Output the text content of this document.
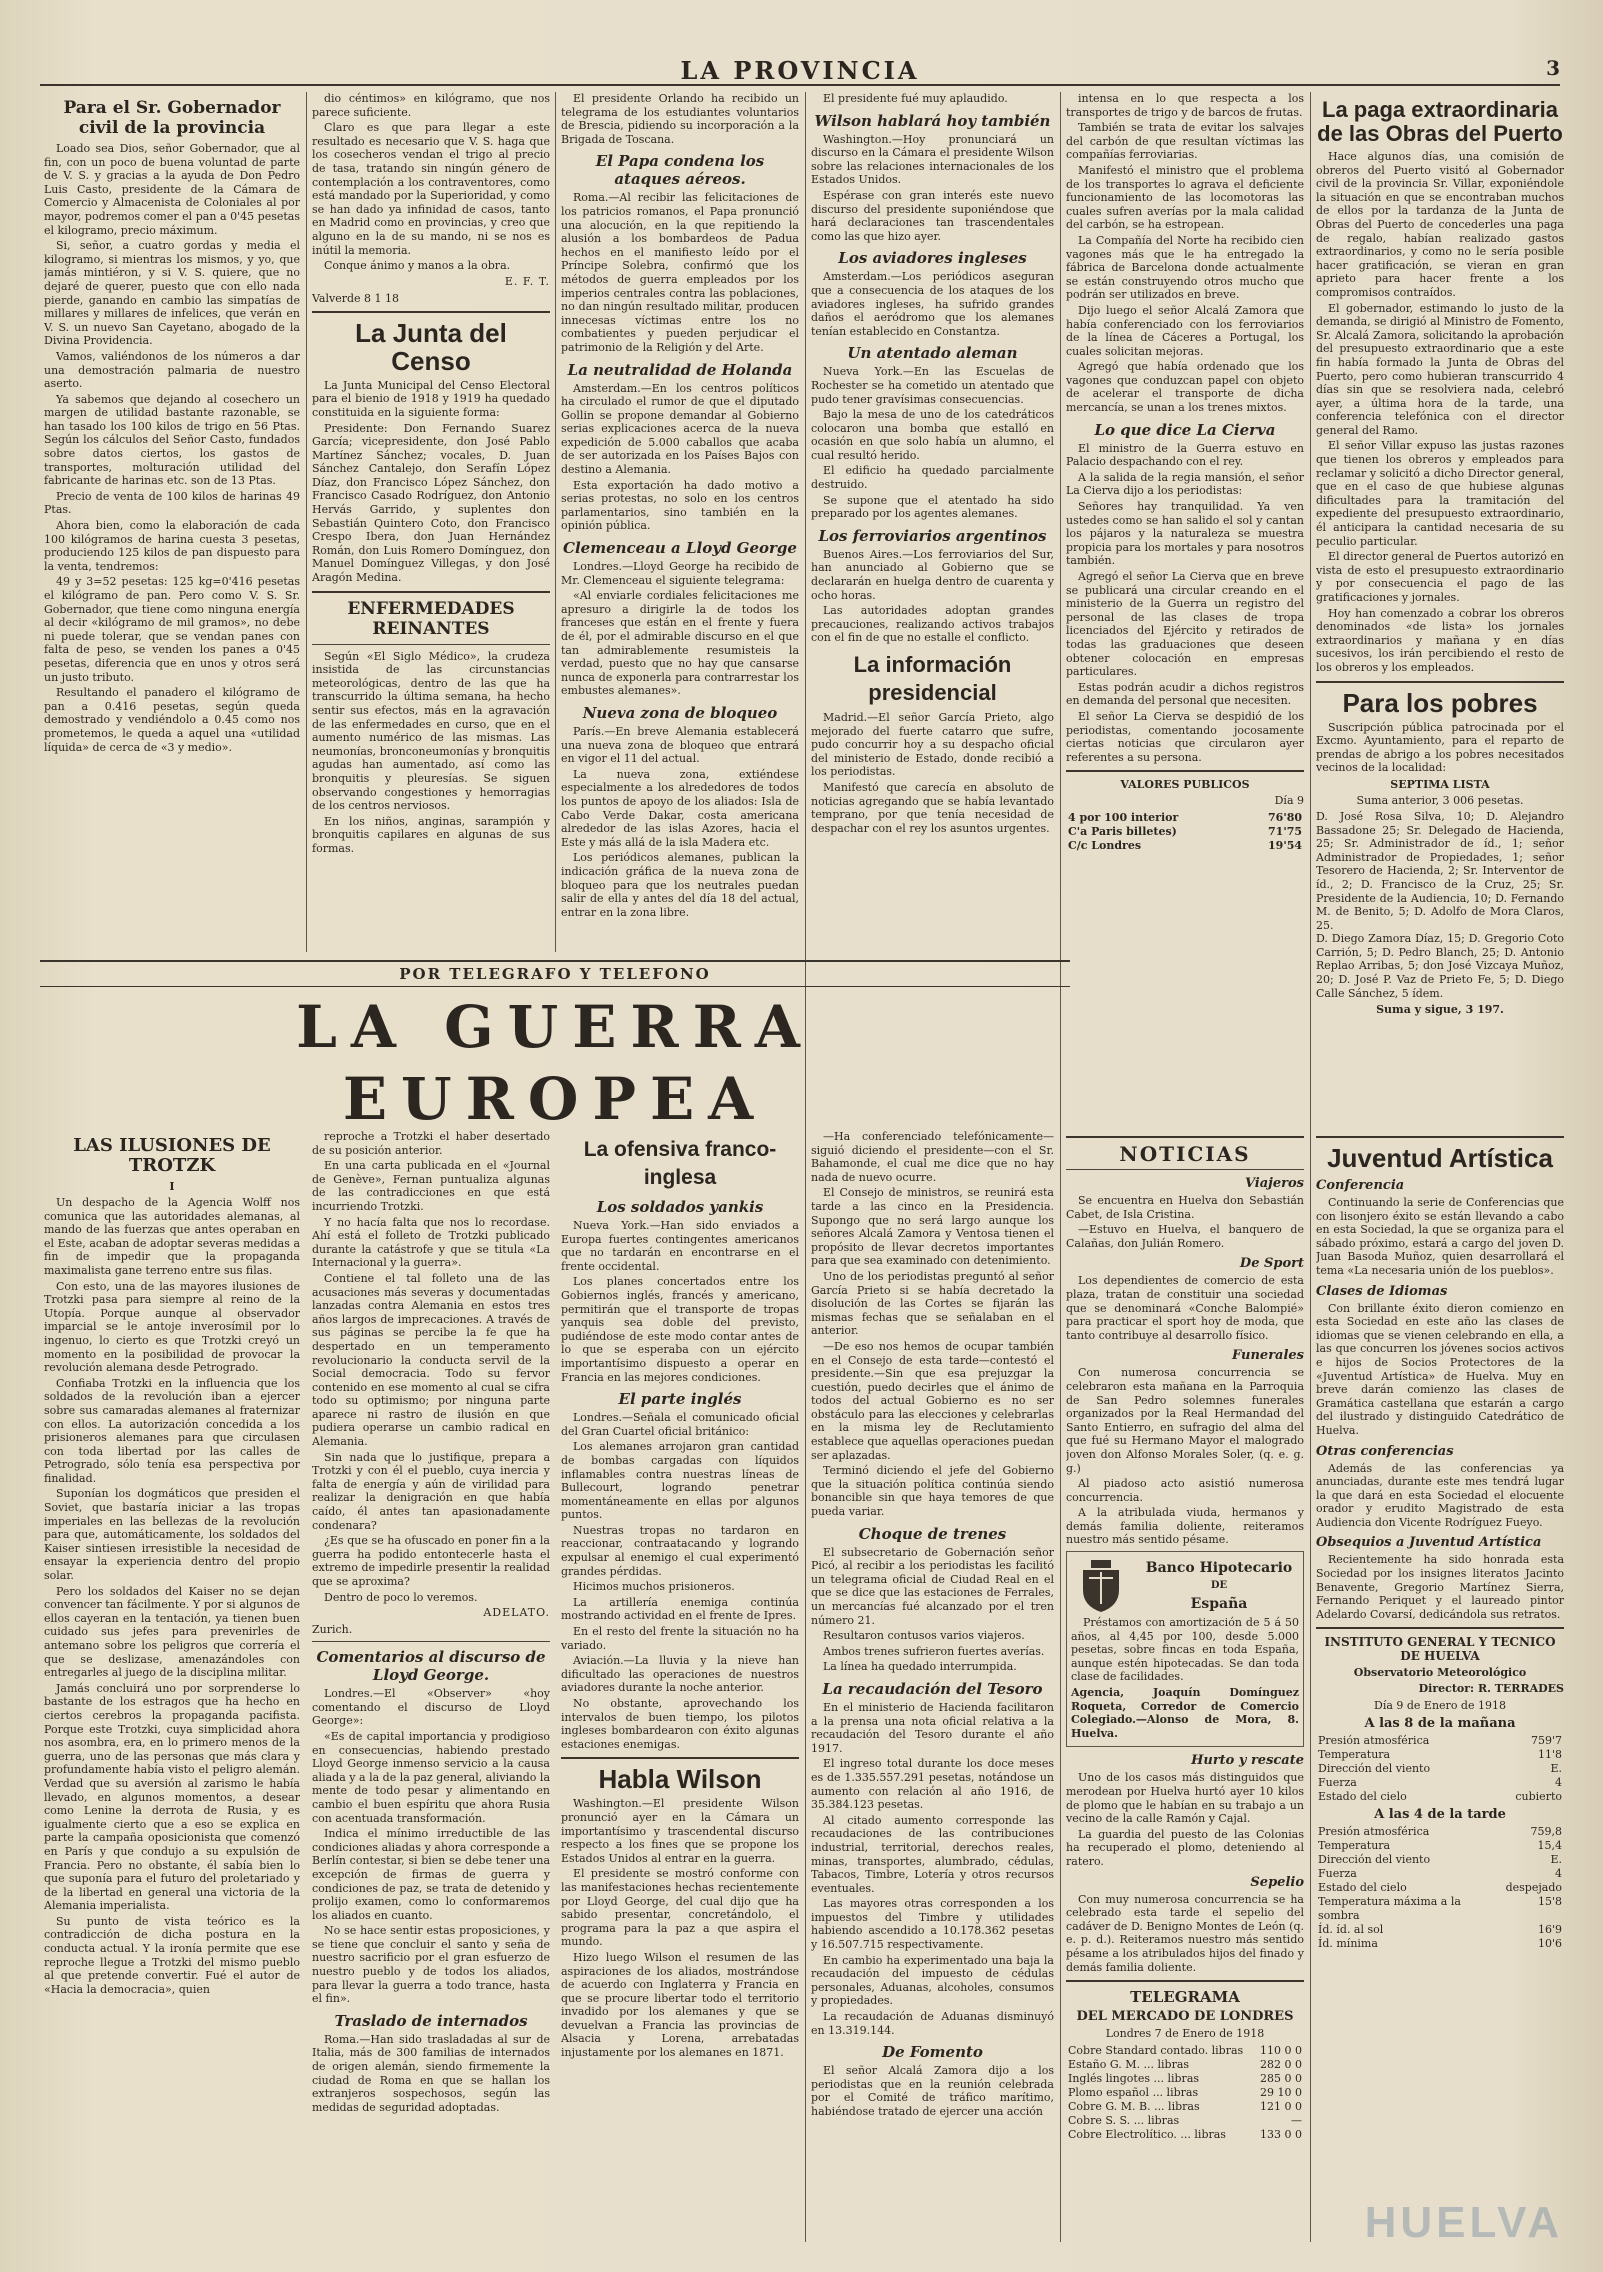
LA PROVINCIA	3
Para el Sr. Gobernador civil de la provincia

Loado sea Dios, señor Gobernador, que al fin, con un poco de buena voluntad de parte de V. S. y gracias a la ayuda de Don Pedro Luis Casto, presidente de la Cámara de Comercio y Almacenista de Coloniales al por mayor, podremos comer el pan a 0'45 pesetas el kilogramo, precio máximum.

Si, señor, a cuatro gordas y media el kilogramo, si mientras los mismos, y yo, que jamás mintiéron, y si V. S. quiere, que no dejaré de querer, puesto que con ello nada pierde, ganando en cambio las simpatías de millares y millares de infelices, que verán en V. S. un nuevo San Cayetano, abogado de la Divina Providencia.

Vamos, valiéndonos de los números a dar una demostración palmaria de nuestro aserto.

Ya sabemos que dejando al cosechero un margen de utilidad bastante razonable, se han tasado los 100 kilos de trigo en 56 Ptas. Según los cálculos del Señor Casto, fundados sobre datos ciertos, los gastos de transportes, molturación utilidad del fabricante de harinas etc. son de 13 Ptas.

Precio de venta de 100 kilos de harinas 49 Ptas.

Ahora bien, como la elaboración de cada 100 kilógramos de harina cuesta 3 pesetas, produciendo 125 kilos de pan dispuesto para la venta, tendremos:

49 y 3=52 pesetas: 125 kg=0'416 pesetas el kilógramo de pan. Pero como V. S. Sr. Gobernador, que tiene como ninguna energía al decir «kilógramo de mil gramos», no debe ni puede tolerar, que se vendan panes con falta de peso, se venden los panes a 0'45 pesetas, diferencia que en unos y otros será un justo tributo.

Resultando el panadero el kilógramo de pan a 0.416 pesetas, según queda demostrado y vendiéndolo a 0.45 como nos prometemos, le queda a aquel una «utilidad líquida» de cerca de «3 y medio».

dio céntimos» en kilógramo, que nos parece suficiente.

Claro es que para llegar a este resultado es necesario que V. S. haga que los cosecheros vendan el trigo al precio de tasa, tratando sin ningún género de contemplación a los contraventores, como está mandado por la Superioridad, y como se han dado ya infinidad de casos, tanto en Madrid como en provincias, y creo que alguno en la de su mando, ni se nos es inútil la memoria.

Conque ánimo y manos a la obra.

E. F. T.
Valverde 8 1 18
La Junta del Censo

La Junta Municipal del Censo Electoral para el bienio de 1918 y 1919 ha quedado constituida en la siguiente forma:

Presidente: Don Fernando Suarez García; vicepresidente, don José Pablo Martínez Sánchez; vocales, D. Juan Sánchez Cantalejo, don Serafín López Díaz, don Francisco López Sánchez, don Francisco Casado Rodríguez, don Antonio Hervás Garrido, y suplentes don Sebastián Quintero Coto, don Francisco Crespo Ibera, don Juan Hernández Román, don Luis Romero Domínguez, don Manuel Domínguez Villegas, y don José Aragón Medina.

ENFERMEDADES REINANTES

Según «El Siglo Médico», la crudeza insistida de las circunstancias meteorológicas, dentro de las que ha transcurrido la última semana, ha hecho sentir sus efectos, más en la agravación de las enfermedades en curso, que en el aumento numérico de las mismas. Las neumonías, bronconeumonías y bronquitis agudas han aumentado, así como las bronquitis y pleuresías. Se siguen observando congestiones y hemorragias de los centros nerviosos.

En los niños, anginas, sarampión y bronquitis capilares en algunas de sus formas.

El presidente Orlando ha recibido un telegrama de los estudiantes voluntarios de Brescia, pidiendo su incorporación a la Brigada de Toscana.

El Papa condena los ataques aéreos.

Roma.—Al recibir las felicitaciones de los patricios romanos, el Papa pronunció una alocución, en la que repitiendo la alusión a los bombardeos de Padua hechos en el manifiesto leído por el Príncipe Solebra, confirmó que los métodos de guerra empleados por los imperios centrales contra las poblaciones, no dan ningún resultado militar, producen innecesas víctimas entre los no combatientes y pueden perjudicar el patrimonio de la Religión y del Arte.

La neutralidad de Holanda

Amsterdam.—En los centros políticos ha circulado el rumor de que el diputado Gollin se propone demandar al Gobierno serias explicaciones acerca de la nueva expedición de 5.000 caballos que acaba de ser autorizada en los Países Bajos con destino a Alemania.

Esta exportación ha dado motivo a serias protestas, no solo en los centros parlamentarios, sino también en la opinión pública.

Clemenceau a Lloyd George

Londres.—Lloyd George ha recibido de Mr. Clemenceau el siguiente telegrama:

«Al enviarle cordiales felicitaciones me apresuro a dirigirle la de todos los franceses que están en el frente y fuera de él, por el admirable discurso en el que tan admirablemente resumisteis la verdad, puesto que no hay que cansarse nunca de exponerla para contrarrestar los embustes alemanes».

Nueva zona de bloqueo

París.—En breve Alemania establecerá una nueva zona de bloqueo que entrará en vigor el 11 del actual.

La nueva zona, extiéndese especialmente a los alrededores de todos los puntos de apoyo de los aliados: Isla de Cabo Verde Dakar, costa americana alrededor de las islas Azores, hacia el Este y más allá de la isla Madera etc.

Los periódicos alemanes, publican la indicación gráfica de la nueva zona de bloqueo para que los neutrales puedan salir de ella y antes del día 18 del actual, entrar en la zona libre.

El presidente fué muy aplaudido.

Wilson hablará hoy también

Washington.—Hoy pronunciará un discurso en la Cámara el presidente Wilson sobre las relaciones internacionales de los Estados Unidos.

Espérase con gran interés este nuevo discurso del presidente suponiéndose que hará declaraciones tan trascendentales como las que hizo ayer.

Los aviadores ingleses

Amsterdam.—Los periódicos aseguran que a consecuencia de los ataques de los aviadores ingleses, ha sufrido grandes daños el aeródromo que los alemanes tenían establecido en Constantza.

Un atentado aleman

Nueva York.—En las Escuelas de Rochester se ha cometido un atentado que pudo tener gravísimas consecuencias.

Bajo la mesa de uno de los catedráticos colocaron una bomba que estalló en ocasión en que solo había un alumno, el cual resultó herido.

El edificio ha quedado parcialmente destruido.

Se supone que el atentado ha sido preparado por los agentes alemanes.

Los ferroviarios argentinos

Buenos Aires.—Los ferroviarios del Sur, han anunciado al Gobierno que se declararán en huelga dentro de cuarenta y ocho horas.

Las autoridades adoptan grandes precauciones, realizando activos trabajos con el fin de que no estalle el conflicto.

La información presidencial

Madrid.—El señor García Prieto, algo mejorado del fuerte catarro que sufre, pudo concurrir hoy a su despacho oficial del ministerio de Estado, donde recibió a los periodistas.

Manifestó que carecía en absoluto de noticias agregando que se había levantado temprano, por que tenía necesidad de despachar con el rey los asuntos urgentes.

intensa en lo que respecta a los transportes de trigo y de barcos de frutas.

También se trata de evitar los salvajes del carbón de que resultan víctimas las compañías ferroviarias.

Manifestó el ministro que el problema de los transportes lo agrava el deficiente funcionamiento de las locomotoras las cuales sufren averías por la mala calidad del carbón, se ha estropean.

La Compañía del Norte ha recibido cien vagones más que le ha entregado la fábrica de Barcelona donde actualmente se están construyendo otros mucho que podrán ser utilizados en breve.

Dijo luego el señor Alcalá Zamora que había conferenciado con los ferroviarios de la línea de Cáceres a Portugal, los cuales solicitan mejoras.

Agregó que había ordenado que los vagones que conduzcan papel con objeto de acelerar el transporte de dicha mercancía, se unan a los trenes mixtos.

Lo que dice La Cierva

El ministro de la Guerra estuvo en Palacio despachando con el rey.

A la salida de la regia mansión, el señor La Cierva dijo a los periodistas:

Señores hay tranquilidad. Ya ven ustedes como se han salido el sol y cantan los pájaros y la naturaleza se muestra propicia para los mortales y para nosotros también.

Agregó el señor La Cierva que en breve se publicará una circular creando en el ministerio de la Guerra un registro del personal de las clases de tropa licenciados del Ejército y retirados de todas las graduaciones que deseen obtener colocación en empresas particulares.

Estas podrán acudir a dichos registros en demanda del personal que necesiten.

El señor La Cierva se despidió de los periodistas, comentando jocosamente ciertas noticias que circularon ayer referentes a su persona.

VALORES PUBLICOS
Día 9
4 por 100 interior	76'80
C'a Paris billetes)	71'75
C/c Londres	19'54
La paga extraordinaria de las Obras del Puerto

Hace algunos días, una comisión de obreros del Puerto visitó al Gobernador civil de la provincia Sr. Villar, exponiéndole la situación en que se encontraban muchos de ellos por la tardanza de la Junta de Obras del Puerto de concederles una paga de regalo, habían realizado gastos extraordinarios, y como no le sería posible hacer gratificación, se vieran en gran aprieto para hacer frente a los compromisos contraídos.

El gobernador, estimando lo justo de la demanda, se dirigió al Ministro de Fomento, Sr. Alcalá Zamora, solicitando la aprobación del presupuesto extraordinario que a este fin había formado la Junta de Obras del Puerto, pero como hubieran transcurrido 4 días sin que se resolviera nada, celebró ayer, a última hora de la tarde, una conferencia telefónica con el director general del Ramo.

El señor Villar expuso las justas razones que tienen los obreros y empleados para reclamar y solicitó a dicho Director general, que en el caso de que hubiese algunas dificultades para la tramitación del expediente del presupuesto extraordinario, él anticipara la cantidad necesaria de su peculio particular.

El director general de Puertos autorizó en vista de esto el presupuesto extraordinario y por consecuencia el pago de las gratificaciones y jornales.

Hoy han comenzado a cobrar los obreros denominados «de lista» los jornales extraordinarios y mañana y en días sucesivos, los irán percibiendo el resto de los obreros y los empleados.

Para los pobres

Suscripción pública patrocinada por el Excmo. Ayuntamiento, para el reparto de prendas de abrigo a los pobres necesitados vecinos de la localidad:

SEPTIMA LISTA
Suma anterior, 3 006 pesetas.

D. José Rosa Silva, 10; D. Alejandro Bassadone 25; Sr. Delegado de Hacienda, 25; Sr. Administrador de íd., 1; señor Administrador de Propiedades, 1; señor Tesorero de Hacienda, 2; Sr. Interventor de íd., 2; D. Francisco de la Cruz, 25; Sr. Presidente de la Audiencia, 10; D. Fernando M. de Benito, 5; D. Adolfo de Mora Claros, 25.

D. Diego Zamora Díaz, 15; D. Gregorio Coto Carrión, 5; D. Pedro Blanch, 25; D. Antonio Replao Arribas, 5; don José Vizcaya Muñoz, 20; D. José P. Vaz de Prieto Fe, 5; D. Diego Calle Sánchez, 5 ídem.

Suma y sigue, 3 197.
POR TELEGRAFO Y TELEFONO
LA GUERRA
EUROPEA
LAS ILUSIONES DE TROTZK
I

Un despacho de la Agencia Wolff nos comunica que las autoridades alemanas, al mando de las fuerzas que antes operaban en el Este, acaban de adoptar severas medidas a fin de impedir que la propaganda maximalista gane terreno entre sus filas.

Con esto, una de las mayores ilusiones de Trotzki pasa para siempre al reino de la Utopía. Porque aunque al observador imparcial se le antoje inverosímil por lo ingenuo, lo cierto es que Trotzki creyó un momento en la posibilidad de provocar la revolución alemana desde Petrogrado.

Confiaba Trotzki en la influencia que los soldados de la revolución iban a ejercer sobre sus camaradas alemanes al fraternizar con ellos. La autorización concedida a los prisioneros alemanes para que circulasen con toda libertad por las calles de Petrogrado, sólo tenía esa perspectiva por finalidad.

Suponían los dogmáticos que presiden el Soviet, que bastaría iniciar a las tropas imperiales en las bellezas de la revolución para que, automáticamente, los soldados del Kaiser sintiesen irresistible la necesidad de ensayar la experiencia dentro del propio solar.

Pero los soldados del Kaiser no se dejan convencer tan fácilmente. Y por si algunos de ellos cayeran en la tentación, ya tienen buen cuidado sus jefes para prevenirles de antemano sobre los peligros que correría el que se deslizase, amenazándoles con entregarles al juego de la disciplina militar.

Jamás concluirá uno por sorprenderse lo bastante de los estragos que ha hecho en ciertos cerebros la propaganda pacifista. Porque este Trotzki, cuya simplicidad ahora nos asombra, era, en lo primero menos de la guerra, uno de las personas que más clara y profundamente había visto el peligro alemán. Verdad que su aversión al zarismo le había llevado, en algunos momentos, a desear como Lenine la derrota de Rusia, y es igualmente cierto que a eso se explica en parte la campaña oposicionista que comenzó en París y que condujo a su expulsión de Francia. Pero no obstante, él sabía bien lo que suponía para el futuro del proletariado y de la libertad en general una victoria de la Alemania imperialista.

Su punto de vista teórico es la contradicción de dicha postura en la conducta actual. Y la ironía permite que ese reproche llegue a Trotzki del mismo pueblo al que pretende convertir. Fué el autor de «Hacia la democracia», quien

reproche a Trotzki el haber desertado de su posición anterior.

En una carta publicada en el «Journal de Genève», Fernan puntualiza algunas de las contradicciones en que está incurriendo Trotzki.

Y no hacía falta que nos lo recordase. Ahí está el folleto de Trotzki publicado durante la catástrofe y que se titula «La Internacional y la guerra».

Contiene el tal folleto una de las acusaciones más severas y documentadas lanzadas contra Alemania en estos tres años largos de imprecaciones. A través de sus páginas se percibe la fe que ha despertado en un temperamento revolucionario la conducta servil de la Social democracia. Todo su fervor contenido en ese momento al cual se cifra todo su optimismo; por ninguna parte aparece ni rastro de ilusión en que pudiera operarse un cambio radical en Alemania.

Sin nada que lo justifique, prepara a Trotzki y con él el pueblo, cuya inercia y falta de energía y aún de virilidad para realizar la denigración en que había caído, él antes tan apasionadamente condenara?

¿Es que se ha ofuscado en poner fin a la guerra ha podido entontecerle hasta el extremo de impedirle presentir la realidad que se aproxima?

Dentro de poco lo veremos.

ADELATO.
Zurich.
Comentarios al discurso de Lloyd George.

Londres.—El «Observer» «hoy comentando el discurso de Lloyd George»:

«Es de capital importancia y prodigioso en consecuencias, habiendo prestado Lloyd George inmenso servicio a la causa aliada y a la de la paz general, aliviando la mente de todo pesar y alimentando en cambio el buen espíritu que ahora Rusia con acentuada transformación.

Indica el mínimo irreductible de las condiciones aliadas y ahora corresponde a Berlín contestar, si bien se debe tener una excepción de firmas de guerra y condiciones de paz, se trata de detenido y prolijo examen, como lo conformaremos los aliados en cuanto.

No se hace sentir estas proposiciones, y se tiene que concluir el santo y seña de nuestro sacrificio por el gran esfuerzo de nuestro pueblo y de todos los aliados, para llevar la guerra a todo trance, hasta el fin».

Traslado de internados

Roma.—Han sido trasladadas al sur de Italia, más de 300 familias de internados de origen alemán, siendo firmemente la ciudad de Roma en que se hallan los extranjeros sospechosos, según las medidas de seguridad adoptadas.

La ofensiva franco-inglesa
Los soldados yankis

Nueva York.—Han sido enviados a Europa fuertes contingentes americanos que no tardarán en encontrarse en el frente occidental.

Los planes concertados entre los Gobiernos inglés, francés y americano, permitirán que el transporte de tropas yanquis sea doble del previsto, pudiéndose de este modo contar antes de lo que se esperaba con un ejército importantísimo dispuesto a operar en Francia en las mejores condiciones.

El parte inglés

Londres.—Señala el comunicado oficial del Gran Cuartel oficial británico:

Los alemanes arrojaron gran cantidad de bombas cargadas con líquidos inflamables contra nuestras líneas de Bullecourt, logrando penetrar momentáneamente en ellas por algunos puntos.

Nuestras tropas no tardaron en reaccionar, contraatacando y logrando expulsar al enemigo el cual experimentó grandes pérdidas.

Hicimos muchos prisioneros.

La artillería enemiga continúa mostrando actividad en el frente de Ipres.

En el resto del frente la situación no ha variado.

Aviación.—La lluvia y la nieve han dificultado las operaciones de nuestros aviadores durante la noche anterior.

No obstante, aprovechando los intervalos de buen tiempo, los pilotos ingleses bombardearon con éxito algunas estaciones enemigas.

Habla Wilson

Washington.—El presidente Wilson pronunció ayer en la Cámara un importantísimo y trascendental discurso respecto a los fines que se propone los Estados Unidos al entrar en la guerra.

El presidente se mostró conforme con las manifestaciones hechas recientemente por Lloyd George, del cual dijo que ha sabido presentar, concretándolo, el programa para la paz a que aspira el mundo.

Hizo luego Wilson el resumen de las aspiraciones de los aliados, mostrándose de acuerdo con Inglaterra y Francia en que se procure libertar todo el territorio invadido por los alemanes y que se devuelvan a Francia las provincias de Alsacia y Lorena, arrebatadas injustamente por los alemanes en 1871.

—Ha conferenciado telefónicamente—siguió diciendo el presidente—con el Sr. Bahamonde, el cual me dice que no hay nada de nuevo ocurre.

El Consejo de ministros, se reunirá esta tarde a las cinco en la Presidencia. Supongo que no será largo aunque los señores Alcalá Zamora y Ventosa tienen el propósito de llevar decretos importantes para que sea examinado con detenimiento.

Uno de los periodistas preguntó al señor García Prieto si se había decretado la disolución de las Cortes se fijarán las mismas fechas que se señalaban en el anterior.

—De eso nos hemos de ocupar también en el Consejo de esta tarde—contestó el presidente.—Sin que esa prejuzgar la cuestión, puedo decirles que el ánimo de todos del actual Gobierno es no ser obstáculo para las elecciones y celebrarlas en la misma ley de Reclutamiento establece que aquellas operaciones puedan ser aplazadas.

Terminó diciendo el jefe del Gobierno que la situación política continúa siendo bonancible sin que haya temores de que pueda variar.

Choque de trenes

El subsecretario de Gobernación señor Picó, al recibir a los periodistas les facilitó un telegrama oficial de Ciudad Real en el que se dice que las estaciones de Ferrales, un mercancías fué alcanzado por el tren número 21.

Resultaron contusos varios viajeros.

Ambos trenes sufrieron fuertes averías.

La línea ha quedado interrumpida.

La recaudación del Tesoro

En el ministerio de Hacienda facilitaron a la prensa una nota oficial relativa a la recaudación del Tesoro durante el año 1917.

El ingreso total durante los doce meses es de 1.335.557.291 pesetas, notándose un aumento con relación al año 1916, de 35.384.123 pesetas.

Al citado aumento corresponde las recaudaciones de las contribuciones industrial, territorial, derechos reales, minas, transportes, alumbrado, cédulas, Tabacos, Timbre, Lotería y otros recursos eventuales.

Las mayores otras corresponden a los impuestos del Timbre y utilidades habiendo ascendido a 10.178.362 pesetas y 16.507.715 respectivamente.

En cambio ha experimentado una baja la recaudación del impuesto de cédulas personales, Aduanas, alcoholes, consumos y propiedades.

La recaudación de Aduanas disminuyó en 13.319.144.

De Fomento

El señor Alcalá Zamora dijo a los periodistas que en la reunión celebrada por el Comité de tráfico marítimo, habiéndose tratado de ejercer una acción

NOTICIAS
Viajeros

Se encuentra en Huelva don Sebastián Cabet, de Isla Cristina.

—Estuvo en Huelva, el banquero de Calañas, don Julián Romero.

De Sport

Los dependientes de comercio de esta plaza, tratan de constituir una sociedad que se denominará «Conche Balompié» para practicar el sport hoy de moda, que tanto contribuye al desarrollo físico.

Funerales

Con numerosa concurrencia se celebraron esta mañana en la Parroquia de San Pedro solemnes funerales organizados por la Real Hermandad del Santo Entierro, en sufragio del alma del que fué su Hermano Mayor el malogrado joven don Alfonso Morales Soler, (q. e. g. g.)

Al piadoso acto asistió numerosa concurrencia.

A la atribulada viuda, hermanos y demás familia doliente, reiteramos nuestro más sentido pésame.

Banco Hipotecario
DE
España

Préstamos con amortización de 5 á 50 años, al 4,45 por 100, desde 5.000 pesetas, sobre fincas en toda España, aunque estén hipotecadas. Se dan toda clase de facilidades.

Agencia, Joaquín Domínguez Roqueta, Corredor de Comercio Colegiado.—Alonso de Mora, 8. Huelva.

Hurto y rescate

Uno de los casos más distinguidos que merodean por Huelva hurtó ayer 10 kilos de plomo que le habían en su trabajo a un vecino de la calle Ramón y Cajal.

La guardia del puesto de las Colonias ha recuperado el plomo, deteniendo al ratero.

Sepelio

Con muy numerosa concurrencia se ha celebrado esta tarde el sepelio del cadáver de D. Benigno Montes de León (q. e. p. d.). Reiteramos nuestro más sentido pésame a los atribulados hijos del finado y demás familia doliente.

TELEGRAMA
DEL MERCADO DE LONDRES
Londres 7 de Enero de 1918
Cobre Standard contado. libras	110 0 0
Estaño G. M. ... libras	282 0 0
Inglés lingotes ... libras	285 0 0
Plomo español ... libras	29 10 0
Cobre G. M. B. ... libras	121 0 0
Cobre S. S. ... libras	—
Cobre Electrolítico. ... libras	133 0 0
Juventud Artística
Conferencia

Continuando la serie de Conferencias que con lisonjero éxito se están llevando a cabo en esta Sociedad, la que se organiza para el sábado próximo, estará a cargo del joven D. Juan Basoda Muñoz, quien desarrollará el tema «La necesaria unión de los pueblos».

Clases de Idiomas

Con brillante éxito dieron comienzo en esta Sociedad en este año las clases de idiomas que se vienen celebrando en ella, a las que concurren los jóvenes socios activos e hijos de Socios Protectores de la «Juventud Artística» de Huelva. Muy en breve darán comienzo las clases de Gramática castellana que estarán a cargo del ilustrado y distinguido Catedrático de Huelva.

Otras conferencias

Además de las conferencias ya anunciadas, durante este mes tendrá lugar la que dará en esta Sociedad el elocuente orador y erudito Magistrado de esta Audiencia don Vicente Rodríguez Fueyo.

Obsequios a Juventud Artística

Recientemente ha sido honrada esta Sociedad por los insignes literatos Jacinto Benavente, Gregorio Martínez Sierra, Fernando Periquet y el laureado pintor Adelardo Covarsí, dedicándola sus retratos.

INSTITUTO GENERAL Y TECNICO DE HUELVA
Observatorio Meteorológico
Director: R. TERRADES
Día 9 de Enero de 1918
A las 8 de la mañana
Presión atmosférica	759'7
Temperatura	11'8
Dirección del viento	E.
Fuerza	4
Estado del cielo	cubierto
A las 4 de la tarde
Presión atmosférica	759,8
Temperatura	15,4
Dirección del viento	E.
Fuerza	4
Estado del cielo	despejado
Temperatura máxima a la sombra	15'8
Íd. íd. al sol	16'9
Íd. mínima	10'6
HUELVA
